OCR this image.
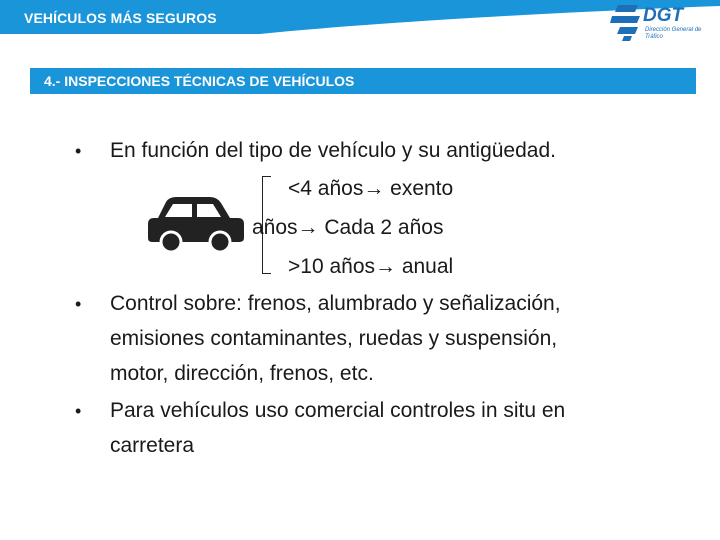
VEHÍCULOS MÁS SEGUROS	DGT
Dirección General de Tráfico
4.- INSPECCIONES TÉCNICAS DE VEHÍCULOS
• En función del tipo de vehículo y su antigüedad.
<4 años→ exento
años→ Cada 2 años
>10 años→ anual
• Control sobre: frenos, alumbrado y señalización,
emisiones contaminantes, ruedas y suspensión,
motor, dirección, frenos, etc.
• Para vehículos uso comercial controles in situ en
carretera
